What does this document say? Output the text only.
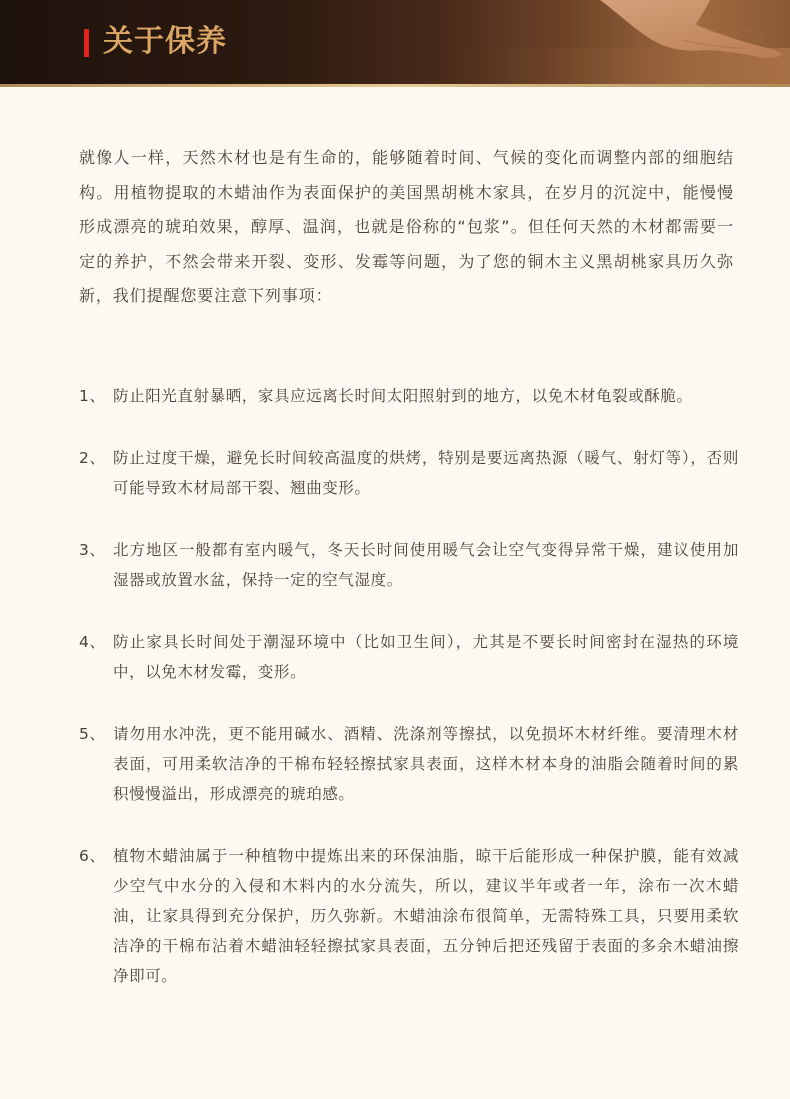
关于保养

就像人一样，天然木材也是有生命的，能够随着时间、气候的变化而调整内部的细胞结构。用植物提取的木蜡油作为表面保护的美国黑胡桃木家具，在岁月的沉淀中，能慢慢形成漂亮的琥珀效果，醇厚、温润，也就是俗称的“包浆”。但任何天然的木材都需要一定的养护，不然会带来开裂、变形、发霉等问题，为了您的铜木主义黑胡桃家具历久弥新，我们提醒您要注意下列事项：

1、 防止阳光直射暴晒，家具应远离长时间太阳照射到的地方，以免木材龟裂或酥脆。
2、 防止过度干燥，避免长时间较高温度的烘烤，特别是要远离热源（暖气、射灯等），否则可能导致木材局部干裂、翘曲变形。
3、 北方地区一般都有室内暖气，冬天长时间使用暖气会让空气变得异常干燥，建议使用加湿器或放置水盆，保持一定的空气湿度。
4、 防止家具长时间处于潮湿环境中（比如卫生间），尤其是不要长时间密封在湿热的环境中，以免木材发霉，变形。
5、 请勿用水冲洗，更不能用碱水、酒精、洗涤剂等擦拭，以免损坏木材纤维。要清理木材表面，可用柔软洁净的干棉布轻轻擦拭家具表面，这样木材本身的油脂会随着时间的累积慢慢溢出，形成漂亮的琥珀感。
6、 植物木蜡油属于一种植物中提炼出来的环保油脂，晾干后能形成一种保护膜，能有效减少空气中水分的入侵和木料内的水分流失，所以，建议半年或者一年，涂布一次木蜡油，让家具得到充分保护，历久弥新。木蜡油涂布很简单，无需特殊工具，只要用柔软洁净的干棉布沾着木蜡油轻轻擦拭家具表面，五分钟后把还残留于表面的多余木蜡油擦净即可。
